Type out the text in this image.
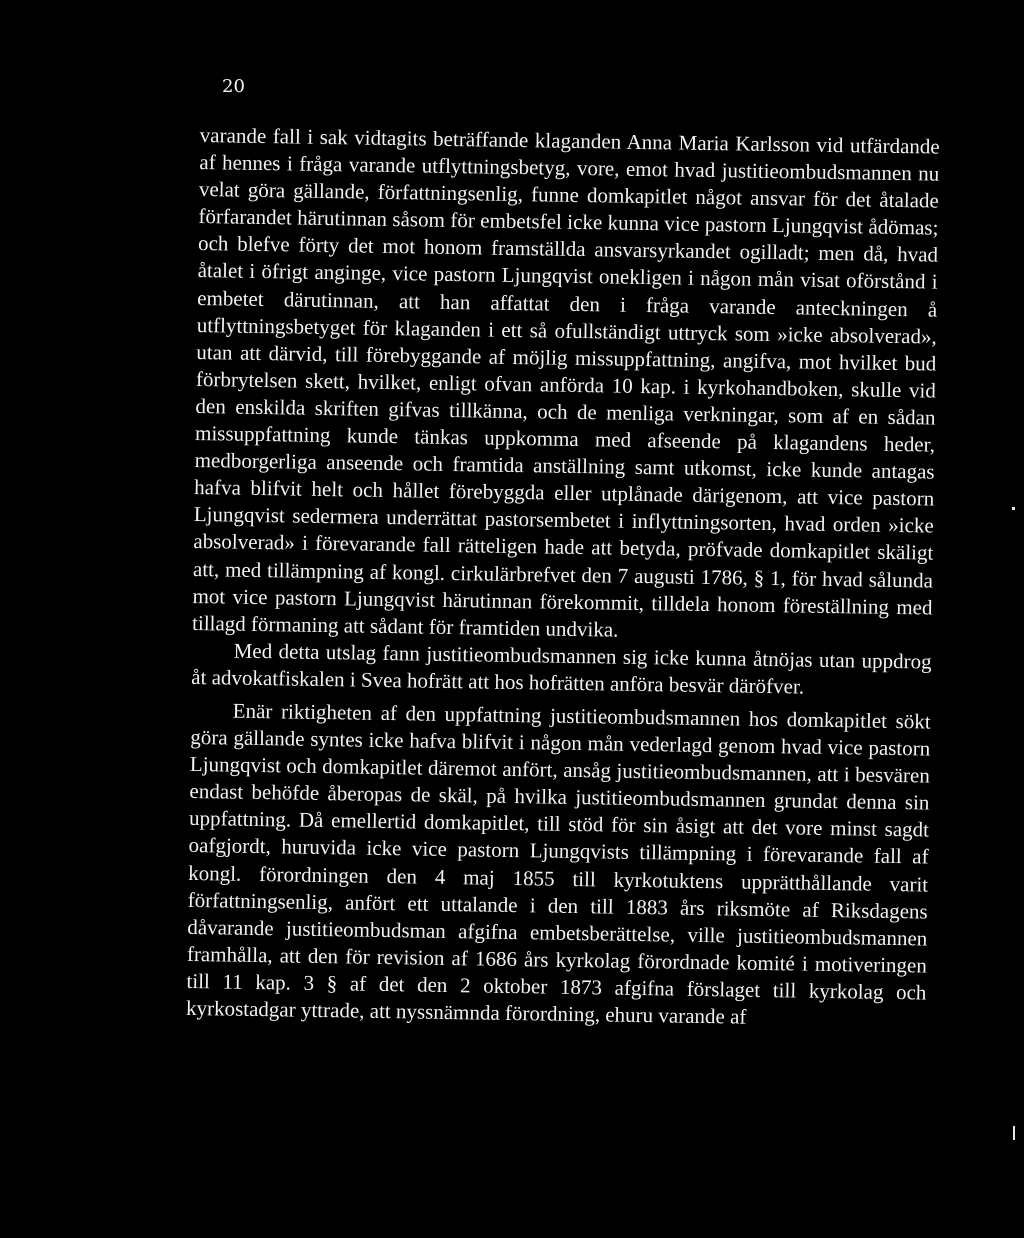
20

varande fall i sak vidtagits beträffande klaganden Anna Maria Karlsson vid utfärdande af hennes i fråga varande utflyttningsbetyg, vore, emot hvad justitieombudsmannen nu velat göra gällande, författningsenlig, funne domkapitlet något ansvar för det åtalade förfarandet härutinnan såsom för embetsfel icke kunna vice pastorn Ljungqvist ådömas; och blefve förty det mot honom framställda ansvarsyrkandet ogilladt; men då, hvad åtalet i öfrigt anginge, vice pastorn Ljungqvist onekligen i någon mån visat oförstånd i embetet därutinnan, att han affattat den i fråga varande anteckningen å utflyttningsbetyget för klaganden i ett så ofullständigt uttryck som »icke absolverad», utan att därvid, till förebyggande af möjlig missuppfattning, angifva, mot hvilket bud förbrytelsen skett, hvilket, enligt ofvan anförda 10 kap. i kyrkohandboken, skulle vid den enskilda skriften gifvas tillkänna, och de menliga verkningar, som af en sådan missuppfattning kunde tänkas uppkomma med afseende på klagandens heder, medborgerliga anseende och framtida anställning samt utkomst, icke kunde antagas hafva blifvit helt och hållet förebyggda eller utplånade därigenom, att vice pastorn Ljungqvist sedermera underrättat pastorsembetet i inflyttningsorten, hvad orden »icke absolverad» i förevarande fall rätteligen hade att betyda, pröfvade domkapitlet skäligt att, med tillämpning af kongl. cirkulärbrefvet den 7 augusti 1786, § 1, för hvad sålunda mot vice pastorn Ljungqvist härutinnan förekommit, tilldela honom föreställning med tillagd förmaning att sådant för framtiden undvika.

Med detta utslag fann justitieombudsmannen sig icke kunna åtnöjas utan uppdrog åt advokatfiskalen i Svea hofrätt att hos hofrätten anföra besvär däröfver.

Enär riktigheten af den uppfattning justitieombudsmannen hos domkapitlet sökt göra gällande syntes icke hafva blifvit i någon mån vederlagd genom hvad vice pastorn Ljungqvist och domkapitlet däremot anfört, ansåg justitieombudsmannen, att i besvären endast behöfde åberopas de skäl, på hvilka justitieombudsmannen grundat denna sin uppfattning. Då emellertid domkapitlet, till stöd för sin åsigt att det vore minst sagdt oafgjordt, huruvida icke vice pastorn Ljungqvists tillämpning i förevarande fall af kongl. förordningen den 4 maj 1855 till kyrkotuktens upprätthållande varit författningsenlig, anfört ett uttalande i den till 1883 års riksmöte af Riksdagens dåvarande justitieombudsman afgifna embetsberättelse, ville justitieombudsmannen framhålla, att den för revision af 1686 års kyrkolag förordnade komité i motiveringen till 11 kap. 3 § af det den 2 oktober 1873 afgifna förslaget till kyrkolag och kyrkostadgar yttrade, att nyssnämnda förordning, ehuru varande af
